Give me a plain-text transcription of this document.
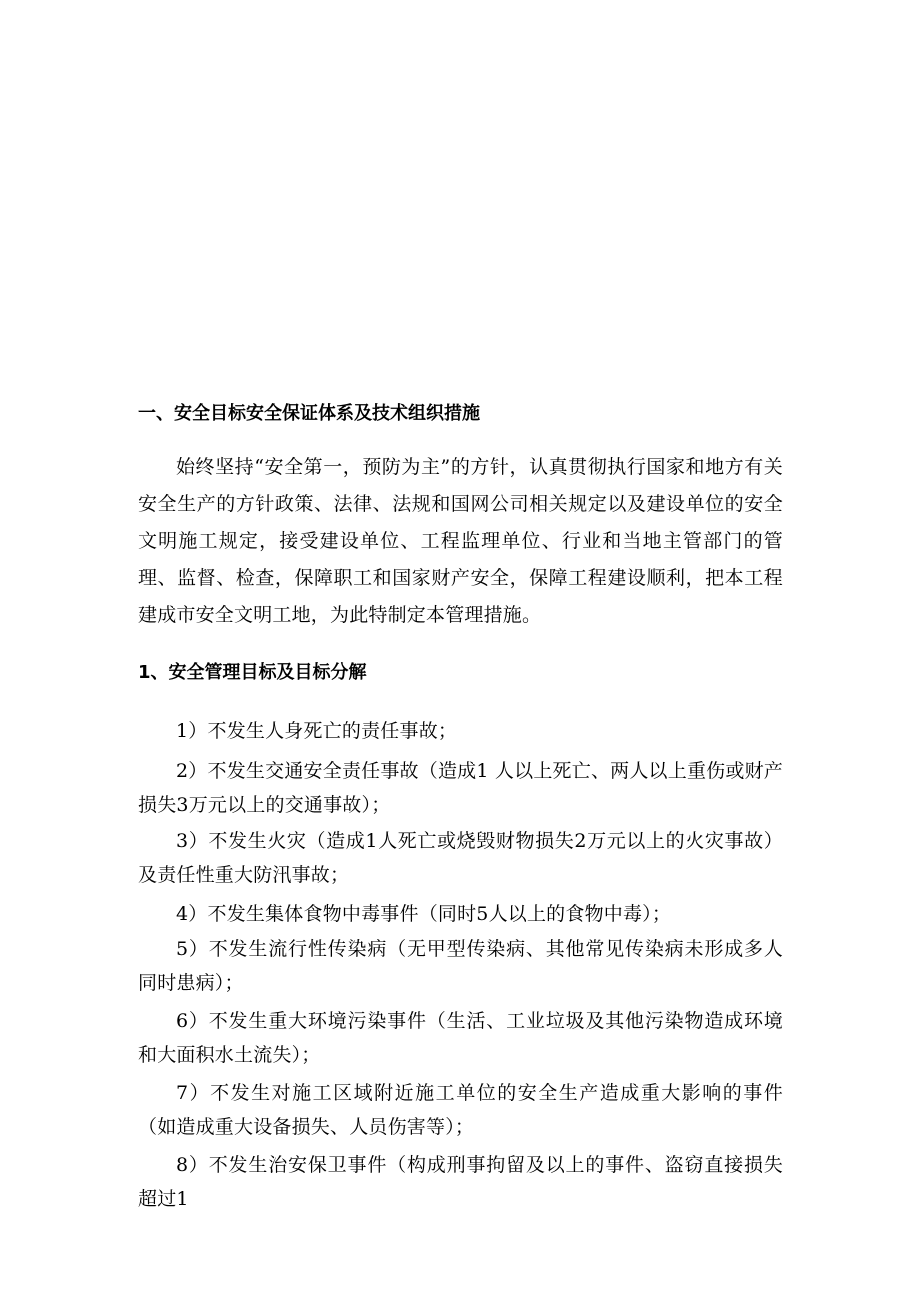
一、安全目标安全保证体系及技术组织措施
始终坚持“安全第一，预防为主”的方针，认真贯彻执行国家和地方有关安全生产的方针政策、法律、法规和国网公司相关规定以及建设单位的安全文明施工规定，接受建设单位、工程监理单位、行业和当地主管部门的管理、监督、检查，保障职工和国家财产安全，保障工程建设顺利，把本工程建成市安全文明工地，为此特制定本管理措施。
1、安全管理目标及目标分解
1）不发生人身死亡的责任事故；
2）不发生交通安全责任事故（造成1 人以上死亡、两人以上重伤或财产损失3万元以上的交通事故）；
3）不发生火灾（造成1人死亡或烧毁财物损失2万元以上的火灾事故）及责任性重大防汛事故；
4）不发生集体食物中毒事件（同时5人以上的食物中毒）；
5）不发生流行性传染病（无甲型传染病、其他常见传染病未形成多人同时患病）；
6）不发生重大环境污染事件（生活、工业垃圾及其他污染物造成环境和大面积水土流失）；
7）不发生对施工区域附近施工单位的安全生产造成重大影响的事件（如造成重大设备损失、人员伤害等）；
8）不发生治安保卫事件（构成刑事拘留及以上的事件、盗窃直接损失超过1
